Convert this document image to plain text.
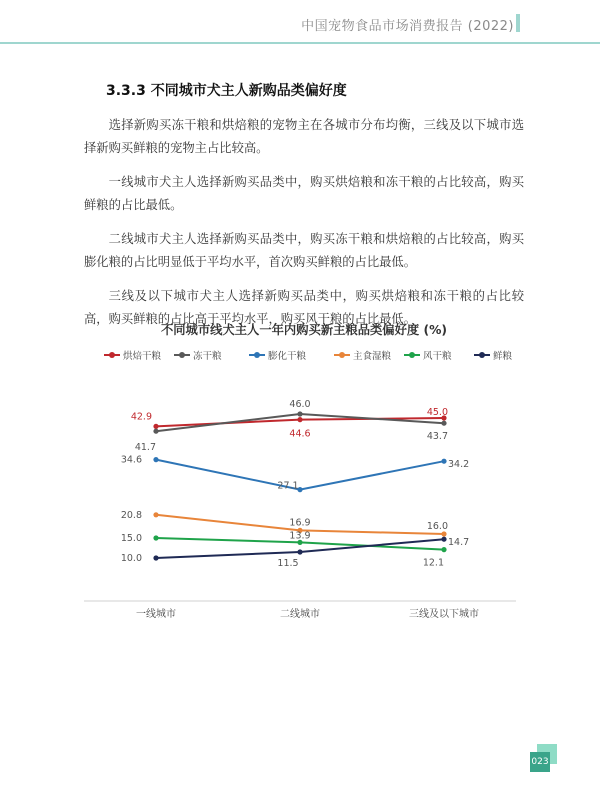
中国宠物食品市场消费报告 (2022)
3.3.3 不同城市犬主人新购品类偏好度

选择新购买冻干粮和烘焙粮的宠物主在各城市分布均衡，三线及以下城市选择新购买鲜粮的宠物主占比较高。

一线城市犬主人选择新购买品类中，购买烘焙粮和冻干粮的占比较高，购买鲜粮的占比最低。

二线城市犬主人选择新购买品类中，购买冻干粮和烘焙粮的占比较高，购买膨化粮的占比明显低于平均水平，首次购买鲜粮的占比最低。

三线及以下城市犬主人选择新购买品类中，购买烘焙粮和冻干粮的占比较高，购买鲜粮的占比高于平均水平，购买风干粮的占比最低。

不同城市线犬主人一年内购买新主粮品类偏好度 (%)
烘焙干粮	冻干粮	膨化干粮	主食湿粮	风干粮	鲜粮
一线城市	二线城市	三线及以下城市
42.9
44.6
45.0
41.7
46.0
43.7
34.6
27.1
34.2
20.8
16.9	16.0
15.0	13.9
12.1
10.0	11.5
14.7
023
